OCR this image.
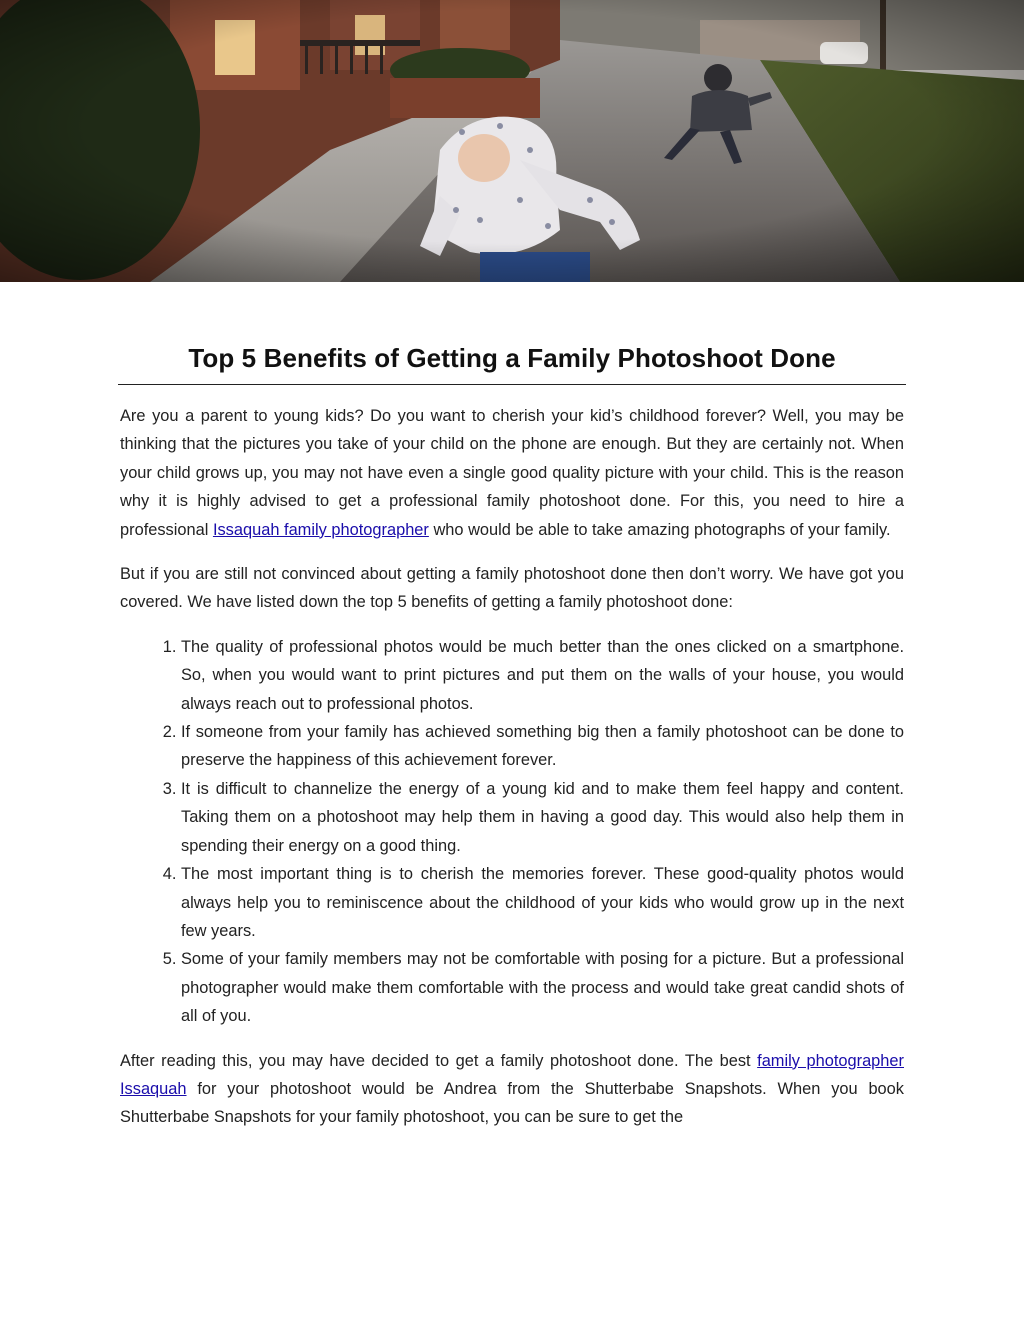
Top 5 Benefits of Getting a Family Photoshoot Done

Are you a parent to young kids? Do you want to cherish your kid’s childhood forever? Well, you may be thinking that the pictures you take of your child on the phone are enough. But they are certainly not. When your child grows up, you may not have even a single good quality picture with your child. This is the reason why it is highly advised to get a professional family photoshoot done. For this, you need to hire a professional Issaquah family photographer who would be able to take amazing photographs of your family.

But if you are still not convinced about getting a family photoshoot done then don’t worry. We have got you covered. We have listed down the top 5 benefits of getting a family photoshoot done:

1. The quality of professional photos would be much better than the ones clicked on a smartphone. So, when you would want to print pictures and put them on the walls of your house, you would always reach out to professional photos.
2. If someone from your family has achieved something big then a family photoshoot can be done to preserve the happiness of this achievement forever.
3. It is difficult to channelize the energy of a young kid and to make them feel happy and content. Taking them on a photoshoot may help them in having a good day. This would also help them in spending their energy on a good thing.
4. The most important thing is to cherish the memories forever. These good-quality photos would always help you to reminiscence about the childhood of your kids who would grow up in the next few years.
5. Some of your family members may not be comfortable with posing for a picture. But a professional photographer would make them comfortable with the process and would take great candid shots of all of you.

After reading this, you may have decided to get a family photoshoot done. The best family photographer Issaquah for your photoshoot would be Andrea from the Shutterbabe Snapshots. When you book Shutterbabe Snapshots for your family photoshoot, you can be sure to get the
